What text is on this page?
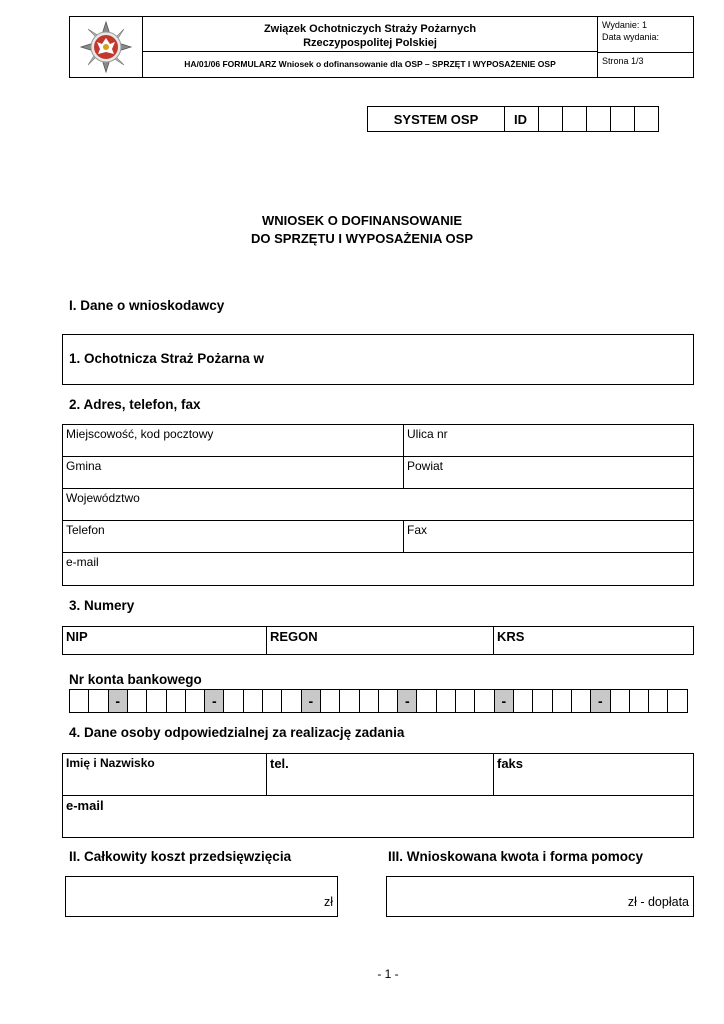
Związek Ochotniczych Straży Pożarnych
Rzeczypospolitej Polskiej
HA/01/06 FORMULARZ Wniosek o dofinansowanie dla OSP – SPRZĘT I WYPOSAŻENIE OSP
Wydanie: 1
Data wydania:
Strona 1/3
SYSTEM OSP	ID					
WNIOSEK O DOFINANSOWANIE
DO SPRZĘTU I WYPOSAŻENIA OSP
I. Dane o wnioskodawcy
1. Ochotnicza Straż Pożarna w
2. Adres, telefon, fax
Miejscowość, kod pocztowy	Ulica nr
Gmina	Powiat
Województwo	
Telefon	Fax
e-mail	
3. Numery
NIP	REGON	KRS
Nr konta bankowego
		-					-					-					-					-					-				
4. Dane osoby odpowiedzialnej za realizację zadania
Imię i Nazwisko	tel.	faks
e-mail
II. Całkowity koszt przedsięwzięcia	III. Wnioskowana kwota i forma pomocy
zł	zł - dopłata
- 1 -
